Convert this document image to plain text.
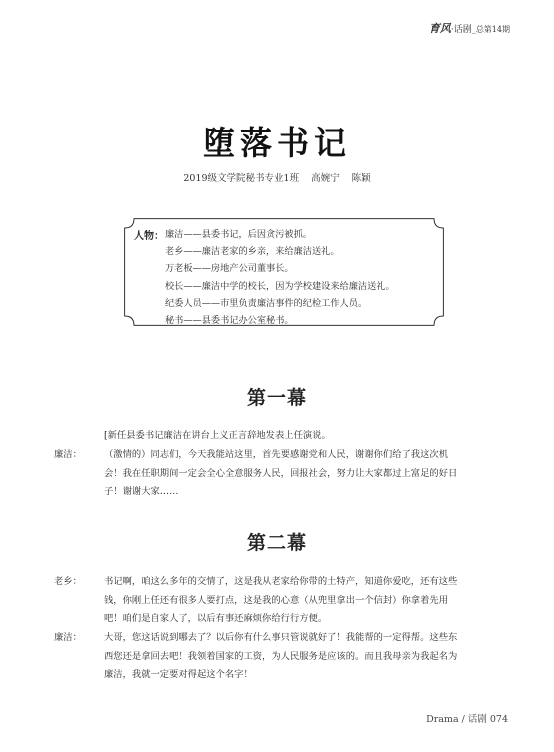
育风·话剧_总第14期
堕落书记
2019级文学院秘书专业1班 高婉宁 陈颖
人物： 廉洁——县委书记，后因贪污被抓。
老乡——廉洁老家的乡亲，来给廉洁送礼。
万老板——房地产公司董事长。
校长——廉洁中学的校长，因为学校建设来给廉洁送礼。
纪委人员——市里负责廉洁事件的纪检工作人员。
秘书——县委书记办公室秘书。
第一幕
[新任县委书记廉洁在讲台上义正言辞地发表上任演说。
廉洁： （激情的）同志们，今天我能站这里，首先要感谢党和人民，谢谢你们给了我这次机
会！我在任职期间一定会全心全意服务人民，回报社会，努力让大家都过上富足的好日
子！谢谢大家……
第二幕
老乡： 书记啊，咱这么多年的交情了，这是我从老家给你带的土特产，知道你爱吃，还有这些
钱，你刚上任还有很多人要打点，这是我的心意（从兜里拿出一个信封）你拿着先用
吧！咱们是自家人了，以后有事还麻烦你给行行方便。
廉洁： 大哥，您这话说到哪去了？以后你有什么事只管说就好了！我能帮的一定得帮。这些东
西您还是拿回去吧！我领着国家的工资，为人民服务是应该的。而且我母亲为我起名为
廉洁，我就一定要对得起这个名字！
Drama / 话剧 074
